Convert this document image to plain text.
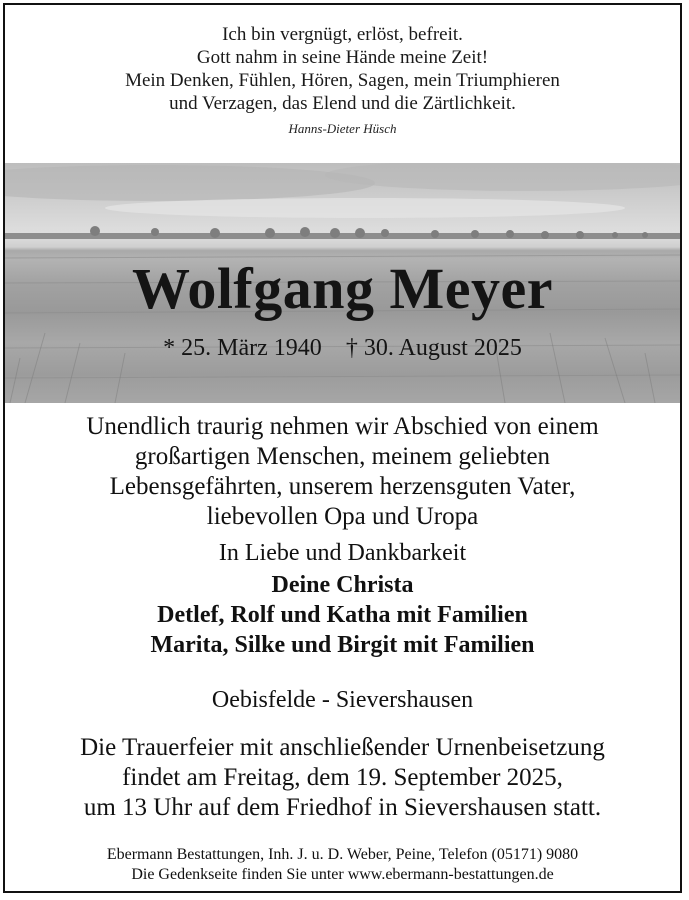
Ich bin vergnügt, erlöst, befreit.
Gott nahm in seine Hände meine Zeit!
Mein Denken, Fühlen, Hören, Sagen, mein Triumphieren
und Verzagen, das Elend und die Zärtlichkeit.
Hanns-Dieter Hüsch
Wolfgang Meyer
* 25. März 1940 † 30. August 2025
Unendlich traurig nehmen wir Abschied von einem
großartigen Menschen, meinem geliebten
Lebensgefährten, unserem herzensguten Vater,
liebevollen Opa und Uropa
In Liebe und Dankbarkeit
Deine Christa
Detlef, Rolf und Katha mit Familien
Marita, Silke und Birgit mit Familien
Oebisfelde - Sievershausen
Die Trauerfeier mit anschließender Urnenbeisetzung
findet am Freitag, dem 19. September 2025,
um 13 Uhr auf dem Friedhof in Sievershausen statt.
Ebermann Bestattungen, Inh. J. u. D. Weber, Peine, Telefon (05171) 9080
Die Gedenkseite finden Sie unter www.ebermann-bestattungen.de
